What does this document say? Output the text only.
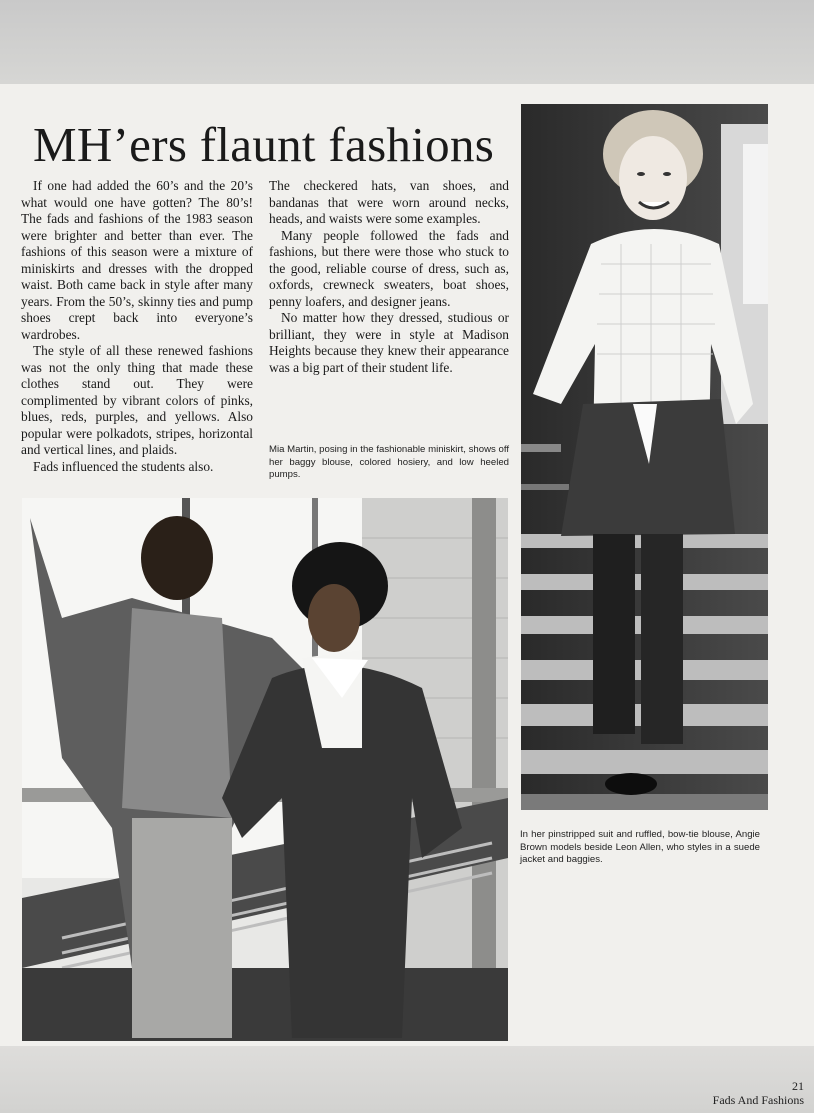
MH’ers flaunt fashions

If one had added the 60’s and the 20’s what would one have gotten? The 80’s! The fads and fashions of the 1983 season were brighter and better than ever. The fashions of this season were a mixture of miniskirts and dresses with the dropped waist. Both came back in style after many years. From the 50’s, skinny ties and pump shoes crept back into everyone’s wardrobes.

The style of all these renewed fashions was not the only thing that made these clothes stand out. They were complimented by vibrant colors of pinks, blues, reds, purples, and yellows. Also popular were polkadots, stripes, horizontal and vertical lines, and plaids.

Fads influenced the students also.

The checkered hats, van shoes, and bandanas that were worn around necks, heads, and waists were some examples.

Many people followed the fads and fashions, but there were those who stuck to the good, reliable course of dress, such as, oxfords, crewneck sweaters, boat shoes, penny loafers, and designer jeans.

No matter how they dressed, studious or brilliant, they were in style at Madison Heights because they knew their appearance was a big part of their student life.

Mia Martin, posing in the fashionable miniskirt, shows off her baggy blouse, colored hosiery, and low heeled pumps.
In her pinstripped suit and ruffled, bow-tie blouse, Angie Brown models beside Leon Allen, who styles in a suede jacket and baggies.
21
Fads And Fashions
